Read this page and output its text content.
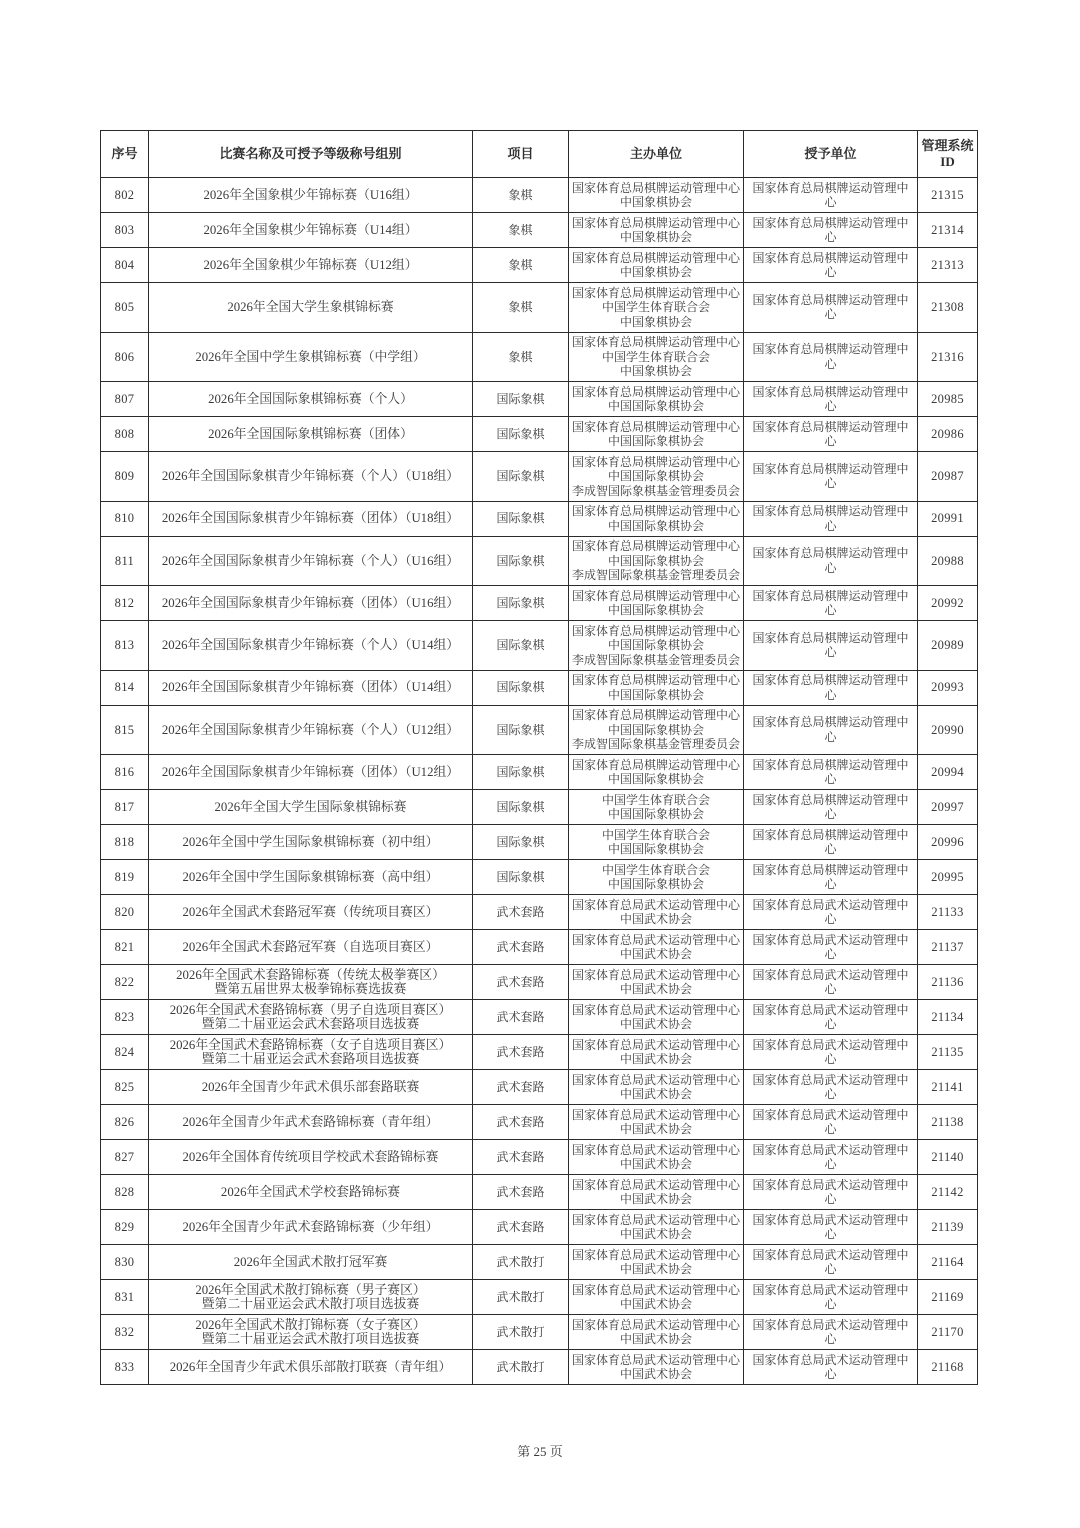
序号	比赛名称及可授予等级称号组别	项目	主办单位	授予单位	管理系统
ID

802	2026年全国象棋少年锦标赛（U16组）	象棋	国家体育总局棋牌运动管理中心
中国象棋协会	国家体育总局棋牌运动管理中心	21315

803	2026年全国象棋少年锦标赛（U14组）	象棋	国家体育总局棋牌运动管理中心
中国象棋协会	国家体育总局棋牌运动管理中心	21314

804	2026年全国象棋少年锦标赛（U12组）	象棋	国家体育总局棋牌运动管理中心
中国象棋协会	国家体育总局棋牌运动管理中心	21313

805	2026年全国大学生象棋锦标赛	象棋	国家体育总局棋牌运动管理中心
中国学生体育联合会
中国象棋协会	国家体育总局棋牌运动管理中心	21308

806	2026年全国中学生象棋锦标赛（中学组）	象棋	国家体育总局棋牌运动管理中心
中国学生体育联合会
中国象棋协会	国家体育总局棋牌运动管理中心	21316

807	2026年全国国际象棋锦标赛（个人）	国际象棋	国家体育总局棋牌运动管理中心
中国国际象棋协会	国家体育总局棋牌运动管理中心	20985

808	2026年全国国际象棋锦标赛（团体）	国际象棋	国家体育总局棋牌运动管理中心
中国国际象棋协会	国家体育总局棋牌运动管理中心	20986

809	2026年全国国际象棋青少年锦标赛（个人）（U18组）	国际象棋	国家体育总局棋牌运动管理中心
中国国际象棋协会
李成智国际象棋基金管理委员会	国家体育总局棋牌运动管理中心	20987

810	2026年全国国际象棋青少年锦标赛（团体）（U18组）	国际象棋	国家体育总局棋牌运动管理中心
中国国际象棋协会	国家体育总局棋牌运动管理中心	20991

811	2026年全国国际象棋青少年锦标赛（个人）（U16组）	国际象棋	国家体育总局棋牌运动管理中心
中国国际象棋协会
李成智国际象棋基金管理委员会	国家体育总局棋牌运动管理中心	20988

812	2026年全国国际象棋青少年锦标赛（团体）（U16组）	国际象棋	国家体育总局棋牌运动管理中心
中国国际象棋协会	国家体育总局棋牌运动管理中心	20992

813	2026年全国国际象棋青少年锦标赛（个人）（U14组）	国际象棋	国家体育总局棋牌运动管理中心
中国国际象棋协会
李成智国际象棋基金管理委员会	国家体育总局棋牌运动管理中心	20989

814	2026年全国国际象棋青少年锦标赛（团体）（U14组）	国际象棋	国家体育总局棋牌运动管理中心
中国国际象棋协会	国家体育总局棋牌运动管理中心	20993

815	2026年全国国际象棋青少年锦标赛（个人）（U12组）	国际象棋	国家体育总局棋牌运动管理中心
中国国际象棋协会
李成智国际象棋基金管理委员会	国家体育总局棋牌运动管理中心	20990

816	2026年全国国际象棋青少年锦标赛（团体）（U12组）	国际象棋	国家体育总局棋牌运动管理中心
中国国际象棋协会	国家体育总局棋牌运动管理中心	20994

817	2026年全国大学生国际象棋锦标赛	国际象棋	中国学生体育联合会
中国国际象棋协会	国家体育总局棋牌运动管理中心	20997

818	2026年全国中学生国际象棋锦标赛（初中组）	国际象棋	中国学生体育联合会
中国国际象棋协会	国家体育总局棋牌运动管理中心	20996

819	2026年全国中学生国际象棋锦标赛（高中组）	国际象棋	中国学生体育联合会
中国国际象棋协会	国家体育总局棋牌运动管理中心	20995

820	2026年全国武术套路冠军赛（传统项目赛区）	武术套路	国家体育总局武术运动管理中心
中国武术协会	国家体育总局武术运动管理中心	21133

821	2026年全国武术套路冠军赛（自选项目赛区）	武术套路	国家体育总局武术运动管理中心
中国武术协会	国家体育总局武术运动管理中心	21137

822	2026年全国武术套路锦标赛（传统太极拳赛区）
暨第五届世界太极拳锦标赛选拔赛	武术套路	国家体育总局武术运动管理中心
中国武术协会	国家体育总局武术运动管理中心	21136

823	2026年全国武术套路锦标赛（男子自选项目赛区）
暨第二十届亚运会武术套路项目选拔赛	武术套路	国家体育总局武术运动管理中心
中国武术协会	国家体育总局武术运动管理中心	21134

824	2026年全国武术套路锦标赛（女子自选项目赛区）
暨第二十届亚运会武术套路项目选拔赛	武术套路	国家体育总局武术运动管理中心
中国武术协会	国家体育总局武术运动管理中心	21135

825	2026年全国青少年武术俱乐部套路联赛	武术套路	国家体育总局武术运动管理中心
中国武术协会	国家体育总局武术运动管理中心	21141

826	2026年全国青少年武术套路锦标赛（青年组）	武术套路	国家体育总局武术运动管理中心
中国武术协会	国家体育总局武术运动管理中心	21138

827	2026年全国体育传统项目学校武术套路锦标赛	武术套路	国家体育总局武术运动管理中心
中国武术协会	国家体育总局武术运动管理中心	21140

828	2026年全国武术学校套路锦标赛	武术套路	国家体育总局武术运动管理中心
中国武术协会	国家体育总局武术运动管理中心	21142

829	2026年全国青少年武术套路锦标赛（少年组）	武术套路	国家体育总局武术运动管理中心
中国武术协会	国家体育总局武术运动管理中心	21139

830	2026年全国武术散打冠军赛	武术散打	国家体育总局武术运动管理中心
中国武术协会	国家体育总局武术运动管理中心	21164

831	2026年全国武术散打锦标赛（男子赛区）
暨第二十届亚运会武术散打项目选拔赛	武术散打	国家体育总局武术运动管理中心
中国武术协会	国家体育总局武术运动管理中心	21169

832	2026年全国武术散打锦标赛（女子赛区）
暨第二十届亚运会武术散打项目选拔赛	武术散打	国家体育总局武术运动管理中心
中国武术协会	国家体育总局武术运动管理中心	21170

833	2026年全国青少年武术俱乐部散打联赛（青年组）	武术散打	国家体育总局武术运动管理中心
中国武术协会	国家体育总局武术运动管理中心	21168
第 25 页
